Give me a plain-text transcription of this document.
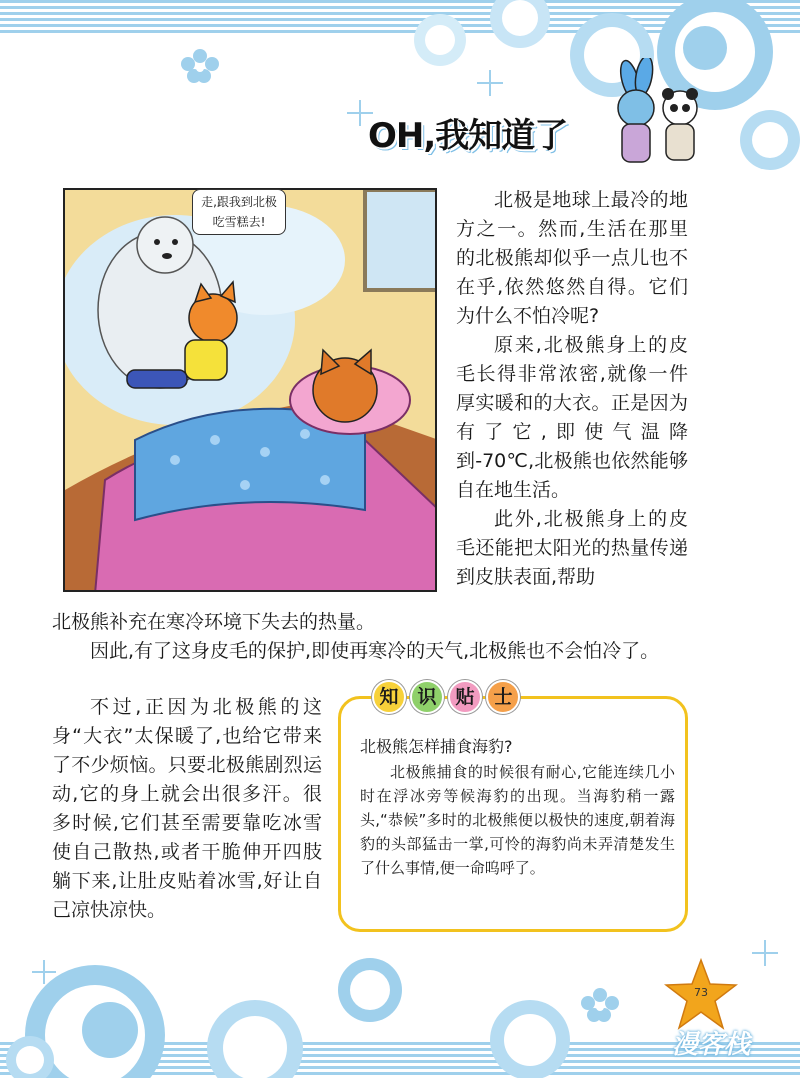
OH,我知道了
走,跟我到北极吃雪糕去!

北极是地球上最冷的地方之一。然而,生活在那里的北极熊却似乎一点儿也不在乎,依然悠然自得。它们为什么不怕冷呢?

原来,北极熊身上的皮毛长得非常浓密,就像一件厚实暖和的大衣。正是因为有了它,即使气温降到-70℃,北极熊也依然能够自在地生活。

此外,北极熊身上的皮毛还能把太阳光的热量传递到皮肤表面,帮助

北极熊补充在寒冷环境下失去的热量。
因此,有了这身皮毛的保护,即使再寒冷的天气,北极熊也不会怕冷了。

不过,正因为北极熊的这身“大衣”太保暖了,也给它带来了不少烦恼。只要北极熊剧烈运动,它的身上就会出很多汗。很多时候,它们甚至需要靠吃冰雪使自己散热,或者干脆伸开四肢躺下来,让肚皮贴着冰雪,好让自己凉快凉快。

知 识 贴 士
北极熊怎样捕食海豹?

北极熊捕食的时候很有耐心,它能连续几小时在浮冰旁等候海豹的出现。当海豹稍一露头,“恭候”多时的北极熊便以极快的速度,朝着海豹的头部猛击一掌,可怜的海豹尚未弄清楚发生了什么事情,便一命呜呼了。

73
漫客栈
